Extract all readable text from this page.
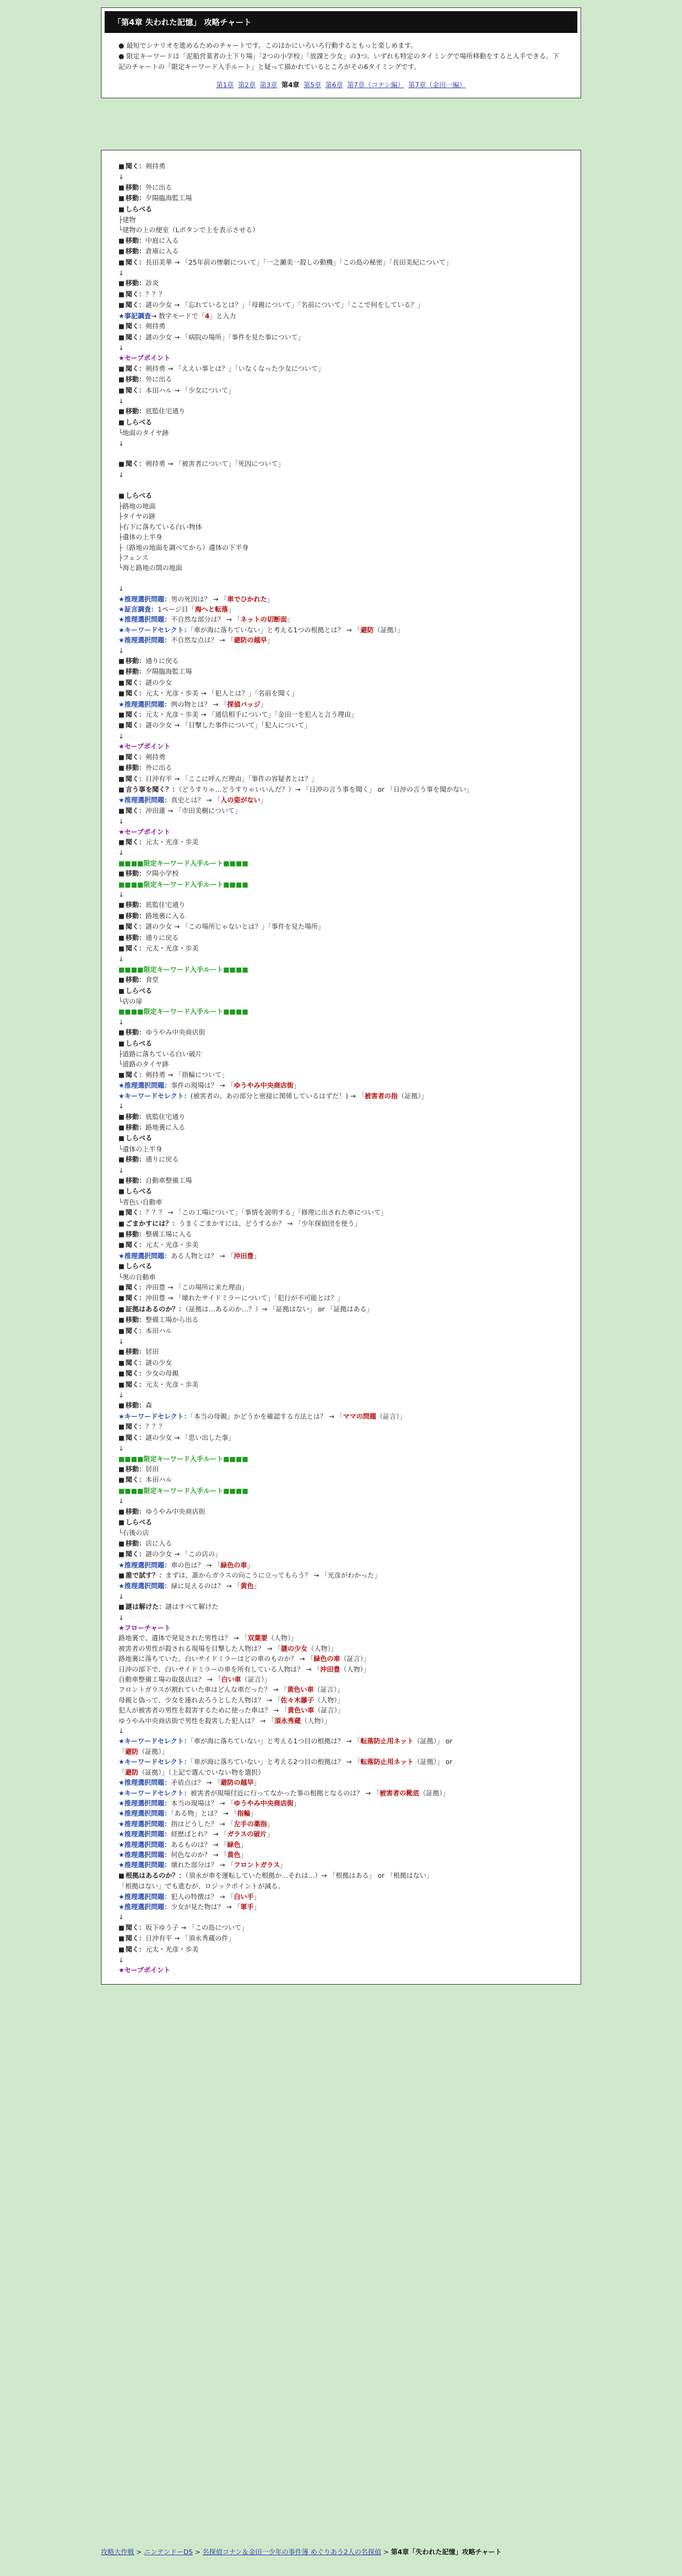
「第4章 失われた記憶」 攻略チャート

● 最短でシナリオを進めるためのチャートです。このほかにいろいろ行動するともっと楽しめます。

● 限定キーワードは「泥船営業者の土下り場」「2つの小学校」「放課と少女」の3つ。いずれも特定のタイミングで場所移動をすると入手できる。下記のチャートの「限定キーワード入手ルート」と疑って描かれているところがその6タイミングです。

第1章 第2章 第3章 第4章 第5章 第6章 第7章（コナン編） 第7章（金田一編）
■ 聞く：剣持勇
↓
■ 移動：外に出る
■ 移動：夕陽臨海監工場
■ しらべる
├建物
└建物の上の便室（Lボタンで上を表示させる）
■ 移動：中庭に入る
■ 移動：倉庫に入る
■ 聞く：長田美華 → 「25年前の惨劇について」「一之瀬美一殺しの動機」「この島の秘密」「長田美紀について」
↓
■ 移動：診炎
■ 聞く：？？？
■ 聞く：謎の少女 → 「忘れているとは？」「母親について」「名前について」「ここで何をしている？」
★事記調査→ 数字モードで「4」と入力
■ 聞く：剣持勇
■ 聞く：謎の少女 → 「病院の場所」「事件を見た事について」
↓
★セーブポイント
■ 聞く：剣持勇 → 「ええい事とは？」「いなくなった少女について」
■ 移動：外に出る
■ 聞く：本田ハル → 「少女について」
↓
■ 移動：底監住宅通り
■ しらべる
└地面のタイヤ跡
↓
■ 聞く：剣持勇 → 「被害者について」「死因について」
↓
■ しらべる
├路地の地面
├タイヤの跡
├右下に落ちている白い物体
├遺体の上半身
├（路地の地面を調べてから）遺体の下半身
├フェンス
└海と路地の間の地面
↓
★推理選択問題：男の死因は？ → 「車でひかれた」
★証言調査：1ページ目「海へと転落」
★推理選択問題：不自然な部分は？ → 「ネットの切断面」
★キーワードセレクト：「車が海に落ちていない」と考える1つの根拠とは？ → 「避防（証拠）」
★推理選択問題：不自然な点は？ → 「避防の越早」
↓
■ 移動：通りに戻る
■ 移動：夕陽臨海監工場
■ 聞く：謎の少女
■ 聞く：元太・光彦・歩美 → 「犯人とは？」「名前を聞く」
★推理選択問題：例の物とは？ → 「探偵バッジ」
■ 聞く：元太・光彦・歩美 → 「通信相手について」「金田一を犯人と言う理由」
■ 聞く：謎の少女 → 「目撃した事件について」「犯人について」
↓
★セーブポイント
■ 聞く：剣持勇
■ 移動：外に出る
■ 聞く：日沖有平 → 「ここに呼んだ理由」「事件の容疑者とは？」
■ 言う事を聞く？：（どうすりゃ…どうすりゃいいんだ？）→ 「日沖の言う事を聞く」 or 「日沖の言う事を聞かない」
★推理選択問題：真史とは？ → 「人の姿がない」
■ 聞く：沖田蓮 → 「市田美樹について」
↓
★セーブポイント
■ 聞く：元太・光彦・歩美
↓
■■■■限定キーワード入手ルート■■■■
■ 移動：夕陽小学校
■■■■限定キーワード入手ルート■■■■
↓
■ 移動：底監住宅通り
■ 移動：路地裏に入る
■ 聞く：謎の少女 → 「この場所じゃないとは？」「事件を見た場所」
■ 移動：通りに戻る
■ 聞く：元太・光彦・歩美
↓
■■■■限定キーワード入手ルート■■■■
■ 移動：食堂
■ しらべる
└店の扉
■■■■限定キーワード入手ルート■■■■
↓
■ 移動：ゆうやみ中央商店街
■ しらべる
├道路に落ちている白い破片
└道路のタイヤ跡
■ 聞く：剣持勇 → 「指輪について」
★推理選択問題：事件の現場は？ → 「ゆうやみ中央商店街」
★キーワードセレクト：(被害者の、あの部分と密接に関係しているはずだ！) → 「被害者の指（証拠）」
↓
■ 移動：底監住宅通り
■ 移動：路地裏に入る
■ しらべる
└遺体の上半身
■ 移動：通りに戻る
↓
■ 移動：自動車整備工場
■ しらべる
└青色い自動車
■ 聞く：？？？ → 「この工場について」「事情を説明する」「修理に出された車について」
■ ごまかすには？：うまくごまかすには、どうするか？ → 「少年探偵団を使う」
■ 移動：整備工場に入る
■ 聞く：元太・光彦・歩美
★推理選択問題：ある人物とは？ → 「沖田豊」
■ しらべる
└奥の自動車
■ 聞く：沖田豊 → 「この場所に来た理由」
■ 聞く：沖田豊 → 「壊れたサイドミラーについて」「犯行が不可能とは？」
■ 証拠はあるのか？：（証拠は…あるのか…？）→ 「証拠はない」 or 「証拠はある」
■ 移動：整備工場から出る
■ 聞く：本田ハル
↓
■ 移動：居田
■ 聞く：謎の少女
■ 聞く：少女の母親
■ 聞く：元太・光彦・歩美
↓
■ 移動：森
★キーワードセレクト：「本当の母親」かどうかを確認する方法とは？ → 「ママの問題（証言）」
■ 聞く：？？？
■ 聞く：謎の少女 → 「思い出した事」
↓
■■■■限定キーワード入手ルート■■■■
■ 移動：居田
■ 聞く：本田ハル
■■■■限定キーワード入手ルート■■■■
↓
■ 移動：ゆうやみ中央商店街
■ しらべる
└右後の店
■ 移動：店に入る
■ 聞く：謎の少女 → 「この店の」
★推理選択問題：車の色は？ → 「緑色の車」
■ 誰で試す？：まずは、誰からガラスの向こうに立ってもらう？ → 「光彦がわかった」
★推理選択問題：緑に見えるのは？ → 「黄色」
↓
■ 謎は解けた：謎はすべて解けた
↓
★フローチャート
路地裏で、遺体で発見された男性は？ → 「双葉要（人物）」
被害者の男性が殺される現場を目撃した人物は？ → 「謎の少女（人物）」
路地裏に落ちていた、白いサイドミラーはどの車のものか？ → 「緑色の車（証言）」
日沖の部下で、白いサイドミラーの車を所有している人物は？ → 「沖田豊（人物）」
自動車整備工場の取扱店は？ → 「白い車（証言）」
フロントガラスが割れていた車はどんな車だった？ → 「黄色い車（証言）」
母親と偽って、少女を連れ去ろうとした人物は？ → 「佐々木藤子（人物）」
犯人が被害者の男性を殺害するために使った車は？ → 「黄色い車（証言）」
ゆうやみ中央商店街で男性を殺害した犯人は？ → 「須永秀蔵（人物）」
↓
★キーワードセレクト：「車が海に落ちていない」と考える1つ目の根拠は？ → 「転落防止用ネット（証拠）」 or
「避防（証拠）」
★キーワードセレクト：「車が海に落ちていない」と考える2つ目の根拠は？ → 「転落防止用ネット（証拠）」 or
「避防（証拠）」（上記で選んでいない物を選択）
★推理選択問題：矛盾点は？ → 「避防の越早」
★キーワードセレクト：被害者が現場付近に行ってなかった事の根拠となるのは？ → 「被害者の靴底（証拠）」
★推理選択問題：本当の現場は？ → 「ゆうやみ中央商店街」
★推理選択問題：「ある物」とは？ → 「指輪」
★推理選択問題：指はどうした？ → 「左手の薬指」
★推理選択問題：経歴ばとれ？ → 「ガラスの破片」
★推理選択問題：あるものは？ → 「緑色」
★推理選択問題：何色なのか？ → 「黄色」
★推理選択問題：壊れた部分は？ → 「フロントガラス」
■ 根拠はあるのか？：（須永が車を運転していた根拠か…それは…）→ 「根拠はある」 or 「根拠はない」
「根拠はない」でも進むが、ロジックポイントが減る。
★推理選択問題：犯人の特徴は？ → 「白い手」
★推理選択問題：少女が見た物は？ → 「軍手」
↓
■ 聞く：坂下ゆう子 → 「この島について」
■ 聞く：日沖有平 → 「須永秀蔵の件」
■ 聞く：元太・光彦・歩美
↓
★セーブポイント
攻略大作戦 > ニンテンドーDS > 名探偵コナン＆金田一少年の事件簿 めぐりあう2人の名探偵 > 第4章「失われた記憶」攻略チャート
